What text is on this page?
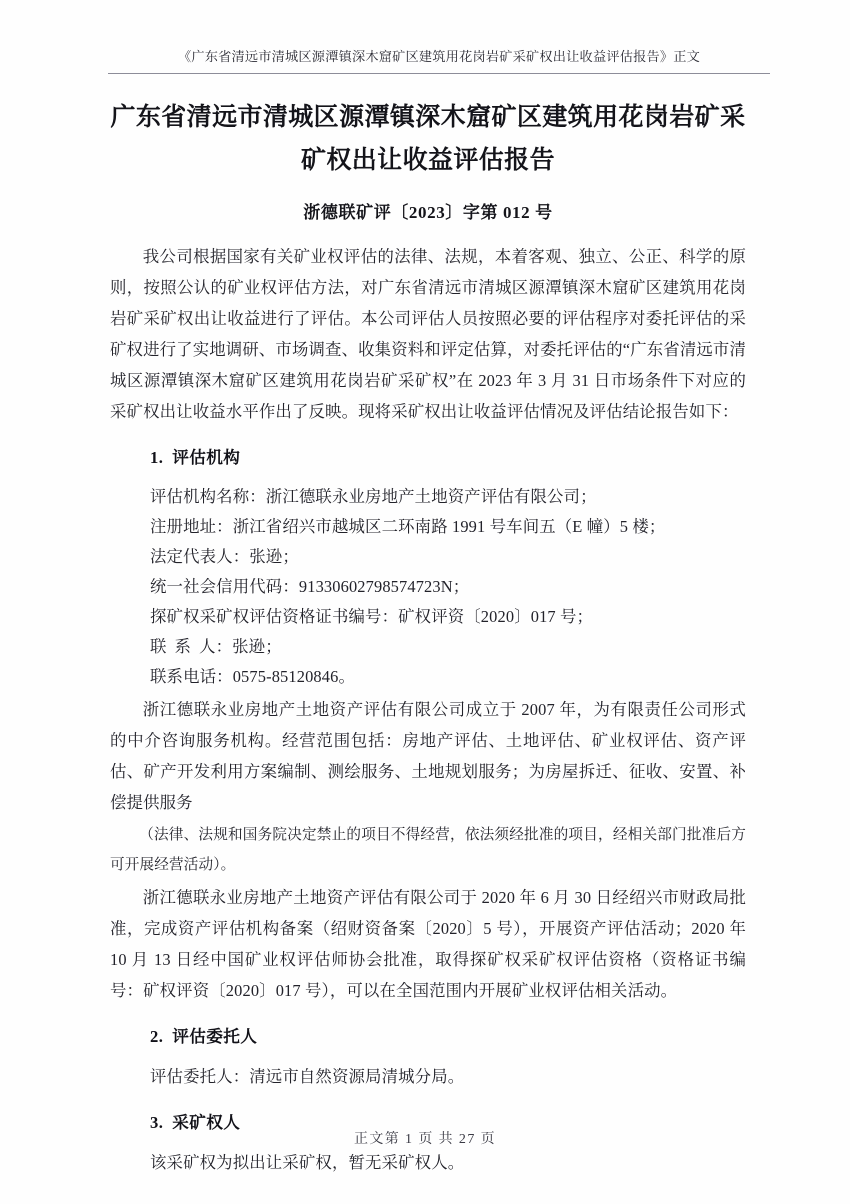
《广东省清远市清城区源潭镇深木窟矿区建筑用花岗岩矿采矿权出让收益评估报告》正文
广东省清远市清城区源潭镇深木窟矿区建筑用花岗岩矿采
矿权出让收益评估报告
浙德联矿评〔2023〕字第 012 号

我公司根据国家有关矿业权评估的法律、法规，本着客观、独立、公正、科学的原则，按照公认的矿业权评估方法，对广东省清远市清城区源潭镇深木窟矿区建筑用花岗岩矿采矿权出让收益进行了评估。本公司评估人员按照必要的评估程序对委托评估的采矿权进行了实地调研、市场调查、收集资料和评定估算，对委托评估的“广东省清远市清城区源潭镇深木窟矿区建筑用花岗岩矿采矿权”在 2023 年 3 月 31 日市场条件下对应的采矿权出让收益水平作出了反映。现将采矿权出让收益评估情况及评估结论报告如下：

1. 评估机构
评估机构名称：浙江德联永业房地产土地资产评估有限公司；
注册地址：浙江省绍兴市越城区二环南路 1991 号车间五（E 幢）5 楼；
法定代表人：张逊；
统一社会信用代码：91330602798574723N；
探矿权采矿权评估资格证书编号：矿权评资〔2020〕017 号；
联系人：张逊；
联系电话：0575-85120846。

浙江德联永业房地产土地资产评估有限公司成立于 2007 年，为有限责任公司形式的中介咨询服务机构。经营范围包括：房地产评估、土地评估、矿业权评估、资产评估、矿产开发利用方案编制、测绘服务、土地规划服务；为房屋拆迁、征收、安置、补偿提供服务

（法律、法规和国务院决定禁止的项目不得经营，依法须经批准的项目，经相关部门批准后方可开展经营活动）。

浙江德联永业房地产土地资产评估有限公司于 2020 年 6 月 30 日经绍兴市财政局批准，完成资产评估机构备案（绍财资备案〔2020〕5 号），开展资产评估活动；2020 年 10 月 13 日经中国矿业权评估师协会批准，取得探矿权采矿权评估资格（资格证书编号：矿权评资〔2020〕017 号），可以在全国范围内开展矿业权评估相关活动。

2. 评估委托人

评估委托人：清远市自然资源局清城分局。

3. 采矿权人

该采矿权为拟出让采矿权，暂无采矿权人。

正文第 1 页 共 27 页
